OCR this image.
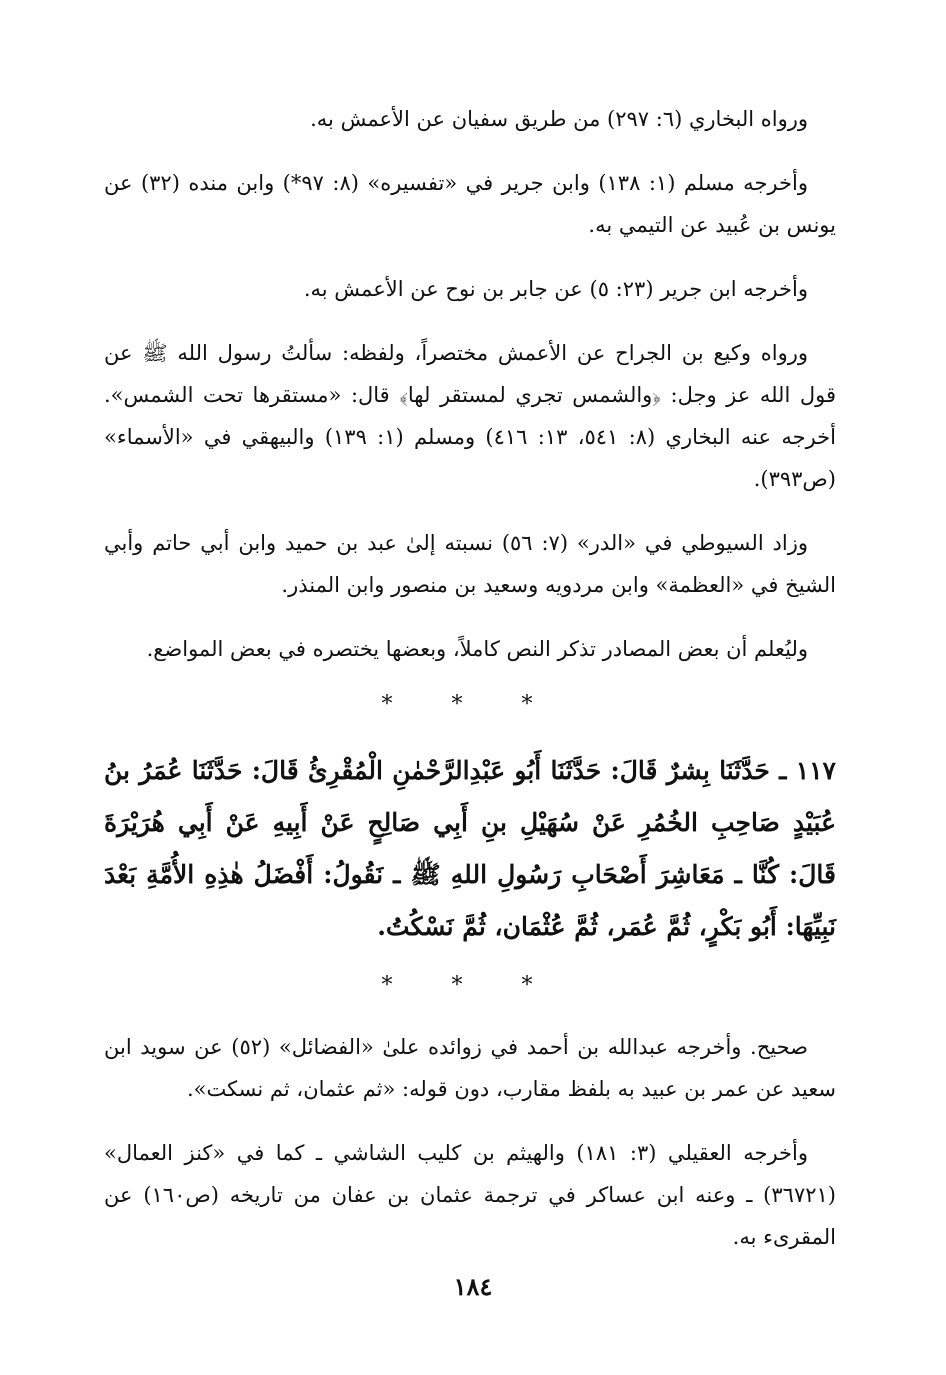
ورواه البخاري (٦: ٢٩٧) من طريق سفيان عن الأعمش به.

وأخرجه مسلم (١: ١٣٨) وابن جرير في «تفسيره» (٨: ٩٧*) وابن منده (٣٢) عن يونس بن عُبيد عن التيمي به.

وأخرجه ابن جرير (٢٣: ٥) عن جابر بن نوح عن الأعمش به.

ورواه وكيع بن الجراح عن الأعمش مختصراً، ولفظه: سألتُ رسول الله ﷺ عن قول الله عز وجل: ﴿والشمس تجري لمستقر لها﴾ قال: «مستقرها تحت الشمس». أخرجه عنه البخاري (٨: ٥٤١، ١٣: ٤١٦) ومسلم (١: ١٣٩) والبيهقي في «الأسماء» (ص٣٩٣).

وزاد السيوطي في «الدر» (٧: ٥٦) نسبته إلىٰ عبد بن حميد وابن أبي حاتم وأبي الشيخ في «العظمة» وابن مردويه وسعيد بن منصور وابن المنذر.

وليُعلم أن بعض المصادر تذكر النص كاملاً، وبعضها يختصره في بعض المواضع.

* * *

١١٧ ـ حَدَّثَنَا بِشرٌ قَالَ: حَدَّثَنَا أَبُو عَبْدِالرَّحْمٰنِ الْمُقْرِئُ قَالَ: حَدَّثَنَا عُمَرُ بنُ عُبَيْدٍ صَاحِبِ الخُمُرِ عَنْ سُهَيْلِ بنِ أَبِي صَالِحٍ عَنْ أَبِيهِ عَنْ أَبِي هُرَيْرَةَ قَالَ: كُنَّا ـ مَعَاشِرَ أَصْحَابِ رَسُولِ اللهِ ﷺ ـ نَقُولُ: أَفْضَلُ هٰذِهِ الأُمَّةِ بَعْدَ نَبِيِّهَا: أَبُو بَكْرٍ، ثُمَّ عُمَر، ثُمَّ عُثْمَان، ثُمَّ نَسْكُتُ.

* * *

صحيح. وأخرجه عبدالله بن أحمد في زوائده علىٰ «الفضائل» (٥٢) عن سويد ابن سعيد عن عمر بن عبيد به بلفظ مقارب، دون قوله: «ثم عثمان، ثم نسكت».

وأخرجه العقيلي (٣: ١٨١) والهيثم بن كليب الشاشي ـ كما في «كنز العمال» (٣٦٧٢١) ـ وعنه ابن عساكر في ترجمة عثمان بن عفان من تاريخه (ص١٦٠) عن المقرىء به.

١٨٤
